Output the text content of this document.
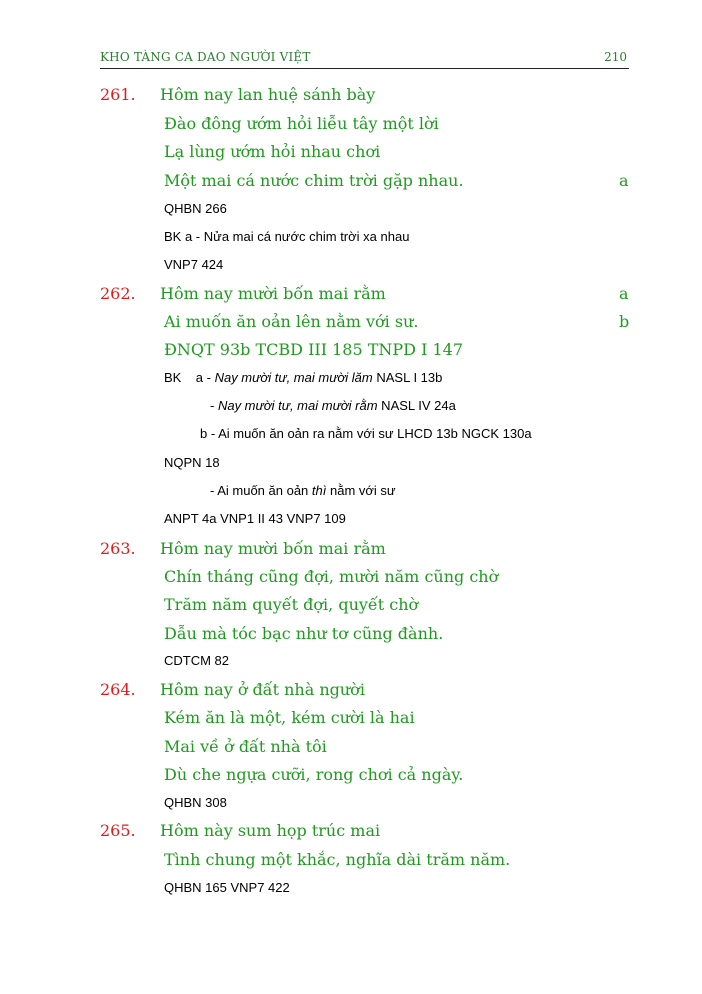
KHO TÀNG CA DAO NGƯỜI VIỆT	210
261. Hôm nay lan huệ sánh bày
Đào đông ướm hỏi liễu tây một lời
Lạ lùng ướm hỏi nhau chơi
Một mai cá nước chim trời gặp nhau.	a
QHBN 266
BK a - Nửa mai cá nước chim trời xa nhau
VNP7 424
262. Hôm nay mười bốn mai rằm	a
Ai muốn ăn oản lên nằm với sư.	b
ĐNQT 93b TCBD III 185 TNPD I 147
BK    a - Nay mười tư, mai mười lăm NASL I 13b
- Nay mười tư, mai mười rằm NASL IV 24a
b - Ai muốn ăn oản ra nằm với sư LHCD 13b NGCK 130a
NQPN 18
- Ai muốn ăn oản thì nằm với sư
ANPT 4a VNP1 II 43 VNP7 109
263. Hôm nay mười bốn mai rằm
Chín tháng cũng đợi, mười năm cũng chờ
Trăm năm quyết đợi, quyết chờ
Dẫu mà tóc bạc như tơ cũng đành.
CDTCM 82
264. Hôm nay ở đất nhà người
Kém ăn là một, kém cười là hai
Mai về ở đất nhà tôi
Dù che ngựa cưỡi, rong chơi cả ngày.
QHBN 308
265. Hôm này sum họp trúc mai
Tình chung một khắc, nghĩa dài trăm năm.
QHBN 165 VNP7 422
